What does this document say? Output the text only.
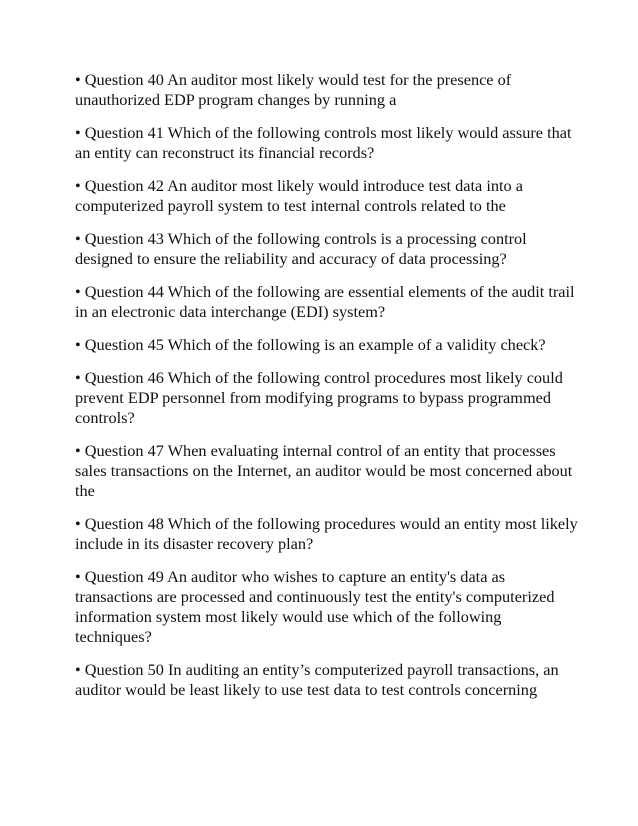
• Question 40 An auditor most likely would test for the presence of unauthorized EDP program changes by running a

• Question 41 Which of the following controls most likely would assure that an entity can reconstruct its financial records?

• Question 42 An auditor most likely would introduce test data into a computerized payroll system to test internal controls related to the

• Question 43 Which of the following controls is a processing control designed to ensure the reliability and accuracy of data processing?

• Question 44 Which of the following are essential elements of the audit trail in an electronic data interchange (EDI) system?

• Question 45 Which of the following is an example of a validity check?

• Question 46 Which of the following control procedures most likely could prevent EDP personnel from modifying programs to bypass programmed controls?

• Question 47 When evaluating internal control of an entity that processes sales transactions on the Internet, an auditor would be most concerned about the

• Question 48 Which of the following procedures would an entity most likely include in its disaster recovery plan?

• Question 49 An auditor who wishes to capture an entity's data as transactions are processed and continuously test the entity's computerized information system most likely would use which of the following techniques?

• Question 50 In auditing an entity’s computerized payroll transactions, an auditor would be least likely to use test data to test controls concerning
